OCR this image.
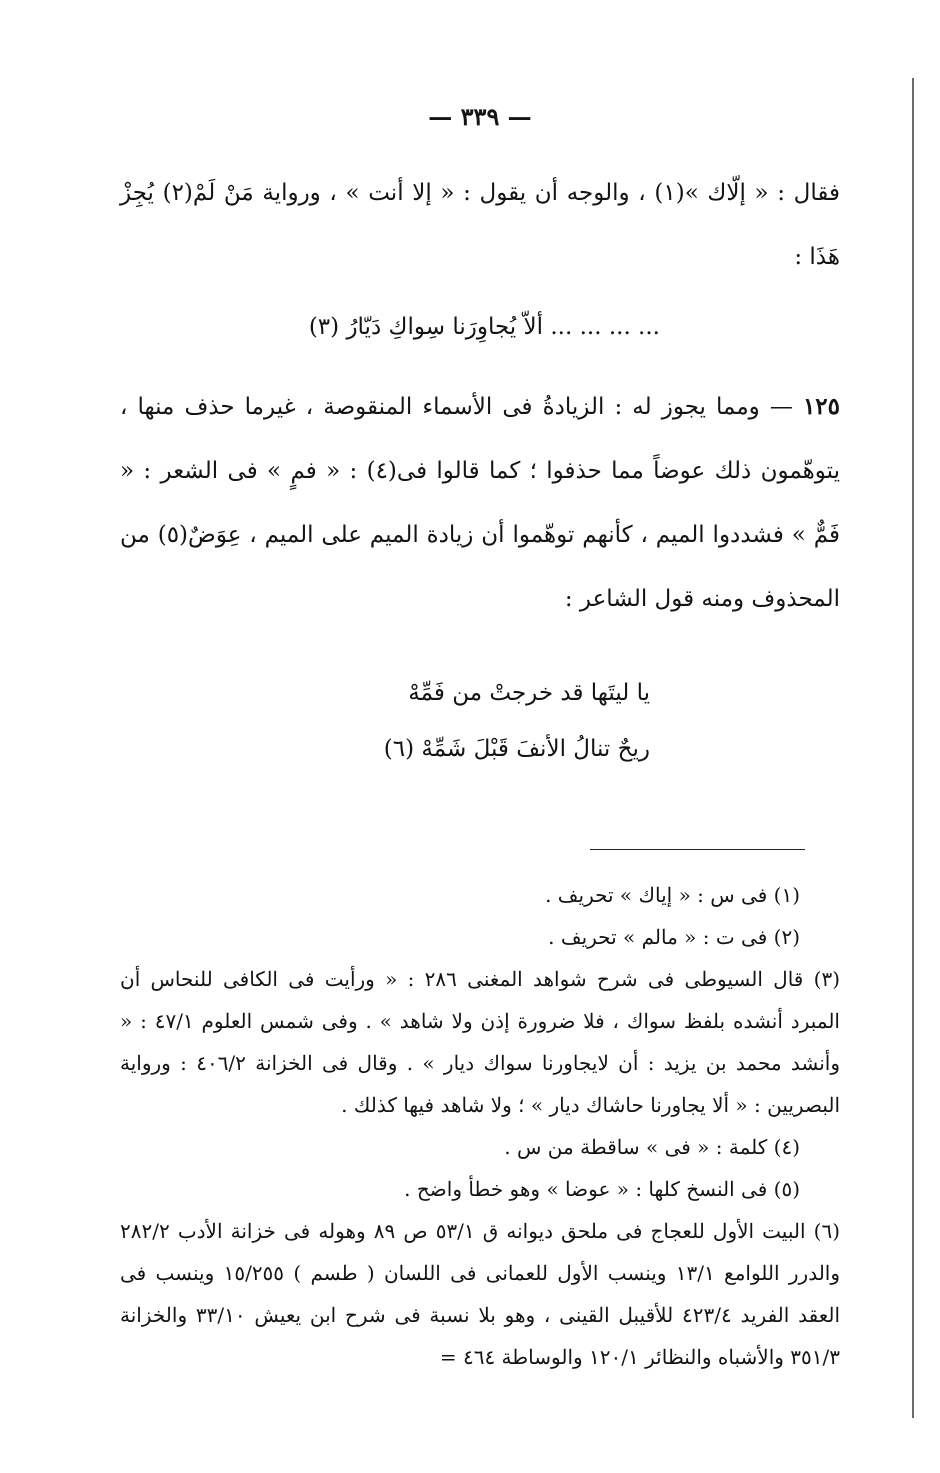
— ٣٣٩ —

فقال : « إلّاك »(١) ، والوجه أن يقول : « إلا أنت » ، ورواية مَنْ لَمْ(٢) يُجِزْ هَذَا :

... ... ... ... ألاّ يُجاوِرَنا سِواكِ دَيّارُ (٣)

١٢٥ — ومما يجوز له : الزيادةُ فى الأسماء المنقوصة ، غيرما حذف منها ، يتوهّمون ذلك عوضاً مما حذفوا ؛ كما قالوا فى(٤) : « فمٍ » فى الشعر : « فَمٌّ » فشددوا الميم ، كأنهم توهّموا أن زيادة الميم على الميم ، عِوَضٌ(٥) من المحذوف ومنه قول الشاعر :

يا ليتَها قد خرجتْ من فَمِّهْ
ريحٌ تنالُ الأنفَ قَبْلَ شَمِّهْ (٦)

(١) فى س : « إياك » تحريف .

(٢) فى ت : « مالم » تحريف .

(٣) قال السيوطى فى شرح شواهد المغنى ٢٨٦ : « ورأيت فى الكافى للنحاس أن المبرد أنشده بلفظ سواك ، فلا ضرورة إذن ولا شاهد » . وفى شمس العلوم ٤٧/١ : « وأنشد محمد بن يزيد : أن لايجاورنا سواك ديار » . وقال فى الخزانة ٤٠٦/٢ : ورواية البصريين : « ألا يجاورنا حاشاك ديار » ؛ ولا شاهد فيها كذلك .

(٤) كلمة : « فى » ساقطة من س .

(٥) فى النسخ كلها : « عوضا » وهو خطأ واضح .

(٦) البيت الأول للعجاج فى ملحق ديوانه ق ٥٣/١ ص ٨٩ وهوله فى خزانة الأدب ٢٨٢/٢ والدرر اللوامع ١٣/١ وينسب الأول للعمانى فى اللسان ( طسم ) ١٥/٢٥٥ وينسب فى العقد الفريد ٤٢٣/٤ للأقيبل القينى ، وهو بلا نسبة فى شرح ابن يعيش ٣٣/١٠ والخزانة ٣٥١/٣ والأشباه والنظائر ١٢٠/١ والوساطة ٤٦٤ =
